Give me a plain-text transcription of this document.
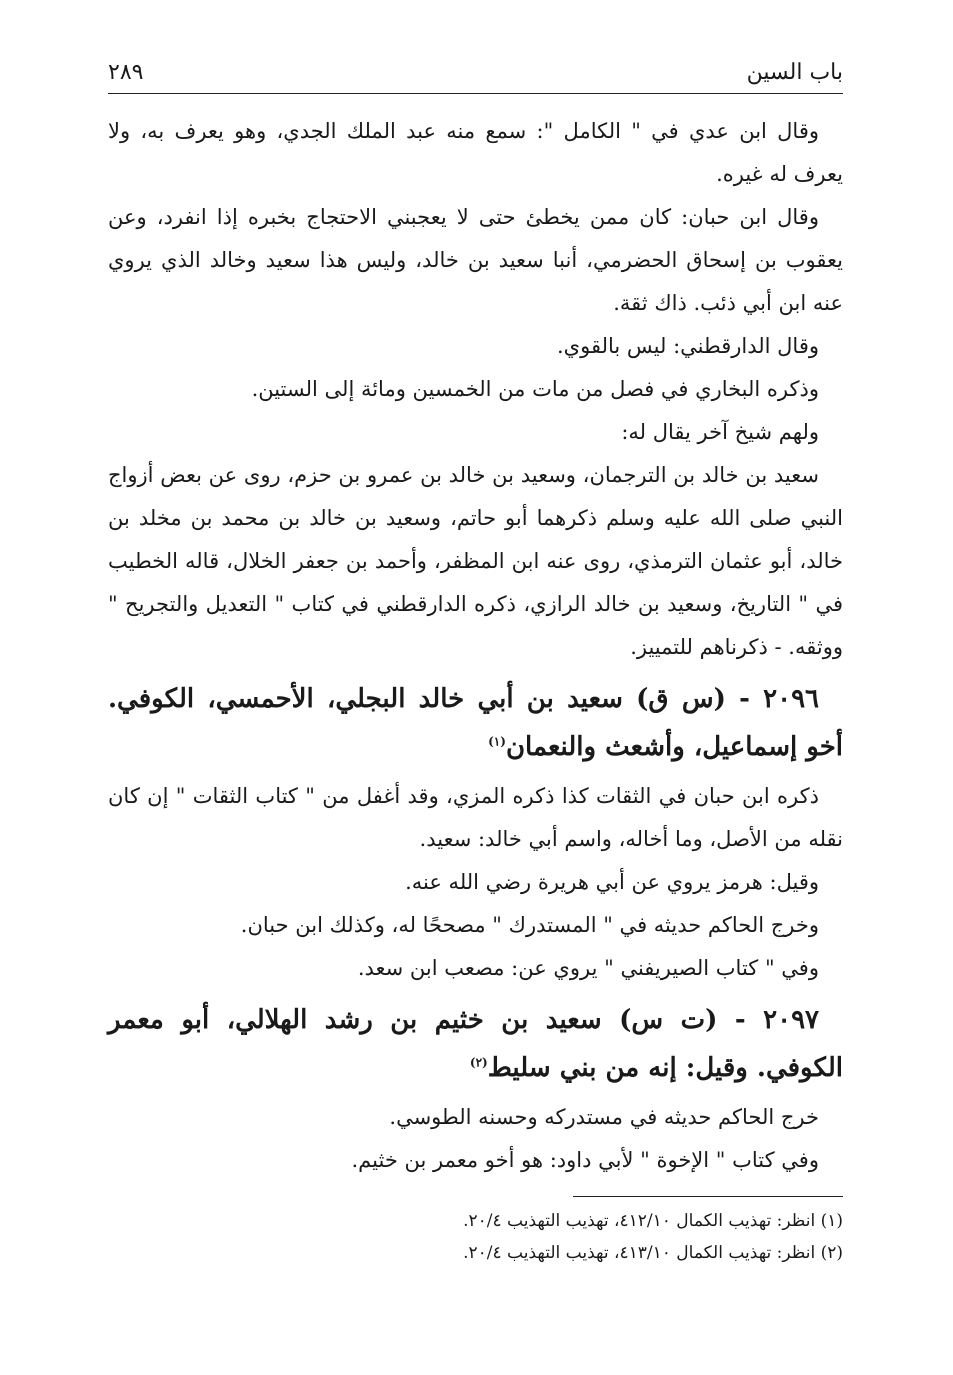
باب السين
٢٨٩

وقال ابن عدي في " الكامل ": سمع منه عبد الملك الجدي، وهو يعرف به، ولا يعرف له غيره.

وقال ابن حبان: كان ممن يخطئ حتى لا يعجبني الاحتجاج بخبره إذا انفرد، وعن يعقوب بن إسحاق الحضرمي، أنبا سعيد بن خالد، وليس هذا سعيد وخالد الذي يروي عنه ابن أبي ذئب. ذاك ثقة.

وقال الدارقطني: ليس بالقوي.

وذكره البخاري في فصل من مات من الخمسين ومائة إلى الستين.

ولهم شيخ آخر يقال له:

سعيد بن خالد بن الترجمان، وسعيد بن خالد بن عمرو بن حزم، روى عن بعض أزواج النبي صلى الله عليه وسلم ذكرهما أبو حاتم، وسعيد بن خالد بن محمد بن مخلد بن خالد، أبو عثمان الترمذي، روى عنه ابن المظفر، وأحمد بن جعفر الخلال، قاله الخطيب في " التاريخ، وسعيد بن خالد الرازي، ذكره الدارقطني في كتاب " التعديل والتجريح " ووثقه. - ذكرناهم للتمييز.

٢٠٩٦ - (س ق) سعيد بن أبي خالد البجلي، الأحمسي، الكوفي. أخو إسماعيل، وأشعث والنعمان$^{(١)}$

ذكره ابن حبان في الثقات كذا ذكره المزي، وقد أغفل من " كتاب الثقات " إن كان نقله من الأصل، وما أخاله، واسم أبي خالد: سعيد.

وقيل: هرمز يروي عن أبي هريرة رضي الله عنه.

وخرج الحاكم حديثه في " المستدرك " مصححًا له، وكذلك ابن حبان.

وفي " كتاب الصيريفني " يروي عن: مصعب ابن سعد.

٢٠٩٧ - (ت س) سعيد بن خثيم بن رشد الهلالي، أبو معمر الكوفي. وقيل: إنه من بني سليط$^{(٢)}$

خرج الحاكم حديثه في مستدركه وحسنه الطوسي.

وفي كتاب " الإخوة " لأبي داود: هو أخو معمر بن خثيم.

(١) انظر: تهذيب الكمال ٤١٢/١٠، تهذيب التهذيب ٢٠/٤.
(٢) انظر: تهذيب الكمال ٤١٣/١٠، تهذيب التهذيب ٢٠/٤.
